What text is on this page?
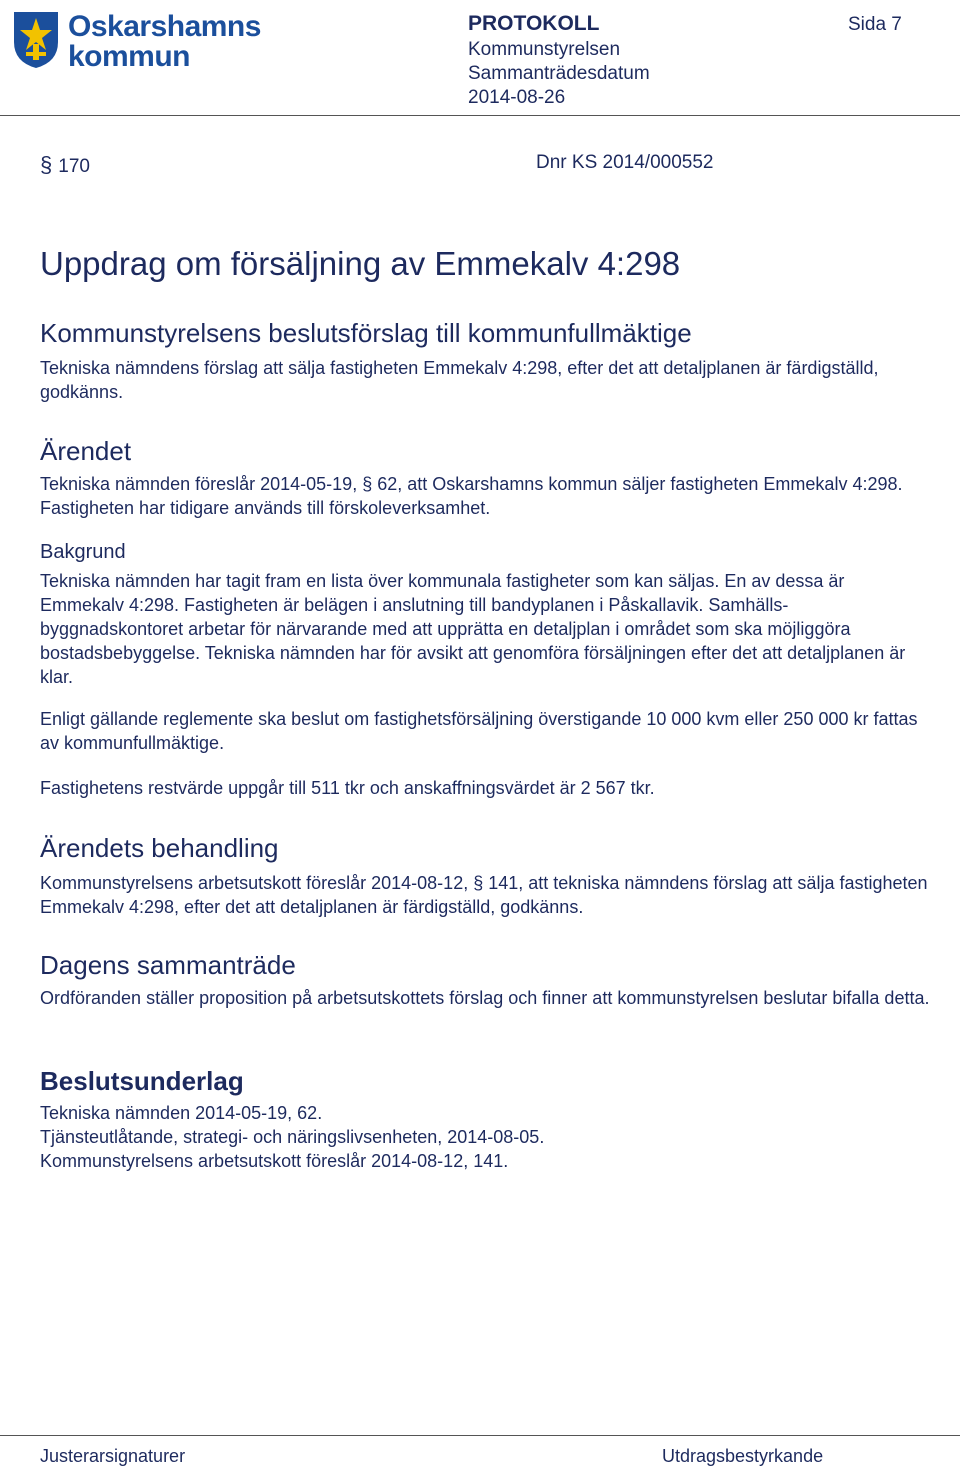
Oskarshamns
kommun
PROTOKOLL
Kommunstyrelsen
Sammanträdesdatum
2014-08-26
Sida 7
§ 170	Dnr KS 2014/000552
Uppdrag om försäljning av Emmekalv 4:298
Kommunstyrelsens beslutsförslag till kommunfullmäktige
Tekniska nämndens förslag att sälja fastigheten Emmekalv 4:298, efter det att detaljplanen är färdigställd, godkänns.
Ärendet
Tekniska nämnden föreslår 2014-05-19, § 62, att Oskarshamns kommun säljer fastigheten Emmekalv 4:298. Fastigheten har tidigare används till förskoleverksamhet.
Bakgrund
Tekniska nämnden har tagit fram en lista över kommunala fastigheter som kan säljas. En av dessa är Emmekalv 4:298. Fastigheten är belägen i anslutning till bandyplanen i Påskallavik. Samhälls- byggnadskontoret arbetar för närvarande med att upprätta en detaljplan i området som ska möjliggöra bostadsbebyggelse. Tekniska nämnden har för avsikt att genomföra försäljningen efter det att detaljplanen är klar.
Enligt gällande reglemente ska beslut om fastighetsförsäljning överstigande 10 000 kvm eller 250 000 kr fattas av kommunfullmäktige.
Fastighetens restvärde uppgår till 511 tkr och anskaffningsvärdet är 2 567 tkr.
Ärendets behandling
Kommunstyrelsens arbetsutskott föreslår 2014-08-12, § 141, att tekniska nämndens förslag att sälja fastigheten Emmekalv 4:298, efter det att detaljplanen är färdigställd, godkänns.
Dagens sammanträde
Ordföranden ställer proposition på arbetsutskottets förslag och finner att kommunstyrelsen beslutar bifalla detta.
Beslutsunderlag

Tekniska nämnden 2014-05-19, 62.

Tjänsteutlåtande, strategi- och näringslivsenheten, 2014-08-05.

Kommunstyrelsens arbetsutskott föreslår 2014-08-12, 141.

Justerarsignaturer	Utdragsbestyrkande
